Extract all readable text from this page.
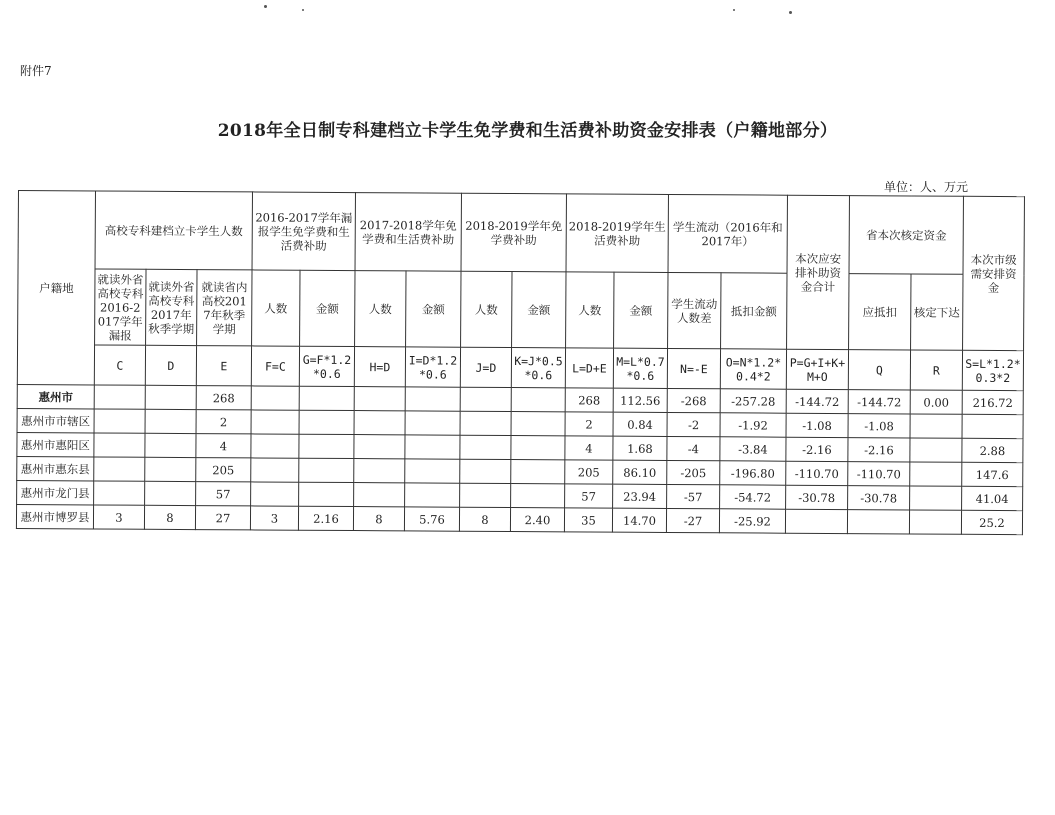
附件7
2018年全日制专科建档立卡学生免学费和生活费补助资金安排表（户籍地部分）
单位：人、万元
户籍地	高校专科建档立卡学生人数			2016-2017学年漏报学生免学费和生活费补助		2017-2018学年免学费和生活费补助		2018-2019学年免学费补助		2018-2019学年生活费补助		学生流动（2016年和2017年）		本次应安排补助资金合计	省本次核定资金		本次市级需安排资金
	就读外省高校专科2016-2017学年漏报	就读外省高校专科2017年秋季学期	就读省内高校2017年秋季学期	人数	金额	人数	金额	人数	金额	人数	金额	学生流动人数差	抵扣金额		应抵扣	核定下达	
	C	D	E	F=C	G=F*1.2*0.6	H=D	I=D*1.2*0.6	J=D	K=J*0.5*0.6	L=D+E	M=L*0.7*0.6	N=-E	O=N*1.2*0.4*2	P=G+I+K+M+O	Q	R	S=L*1.2*0.3*2
惠州市			268							268	112.56	-268	-257.28	-144.72	-144.72	0.00	216.72
惠州市市辖区			2							2	0.84	-2	-1.92	-1.08	-1.08		
惠州市惠阳区			4							4	1.68	-4	-3.84	-2.16	-2.16		2.88
惠州市惠东县			205							205	86.10	-205	-196.80	-110.70	-110.70		147.6
惠州市龙门县			57							57	23.94	-57	-54.72	-30.78	-30.78		41.04
惠州市博罗县	3	8	27	3	2.16	8	5.76	8	2.40	35	14.70	-27	-25.92				25.2
